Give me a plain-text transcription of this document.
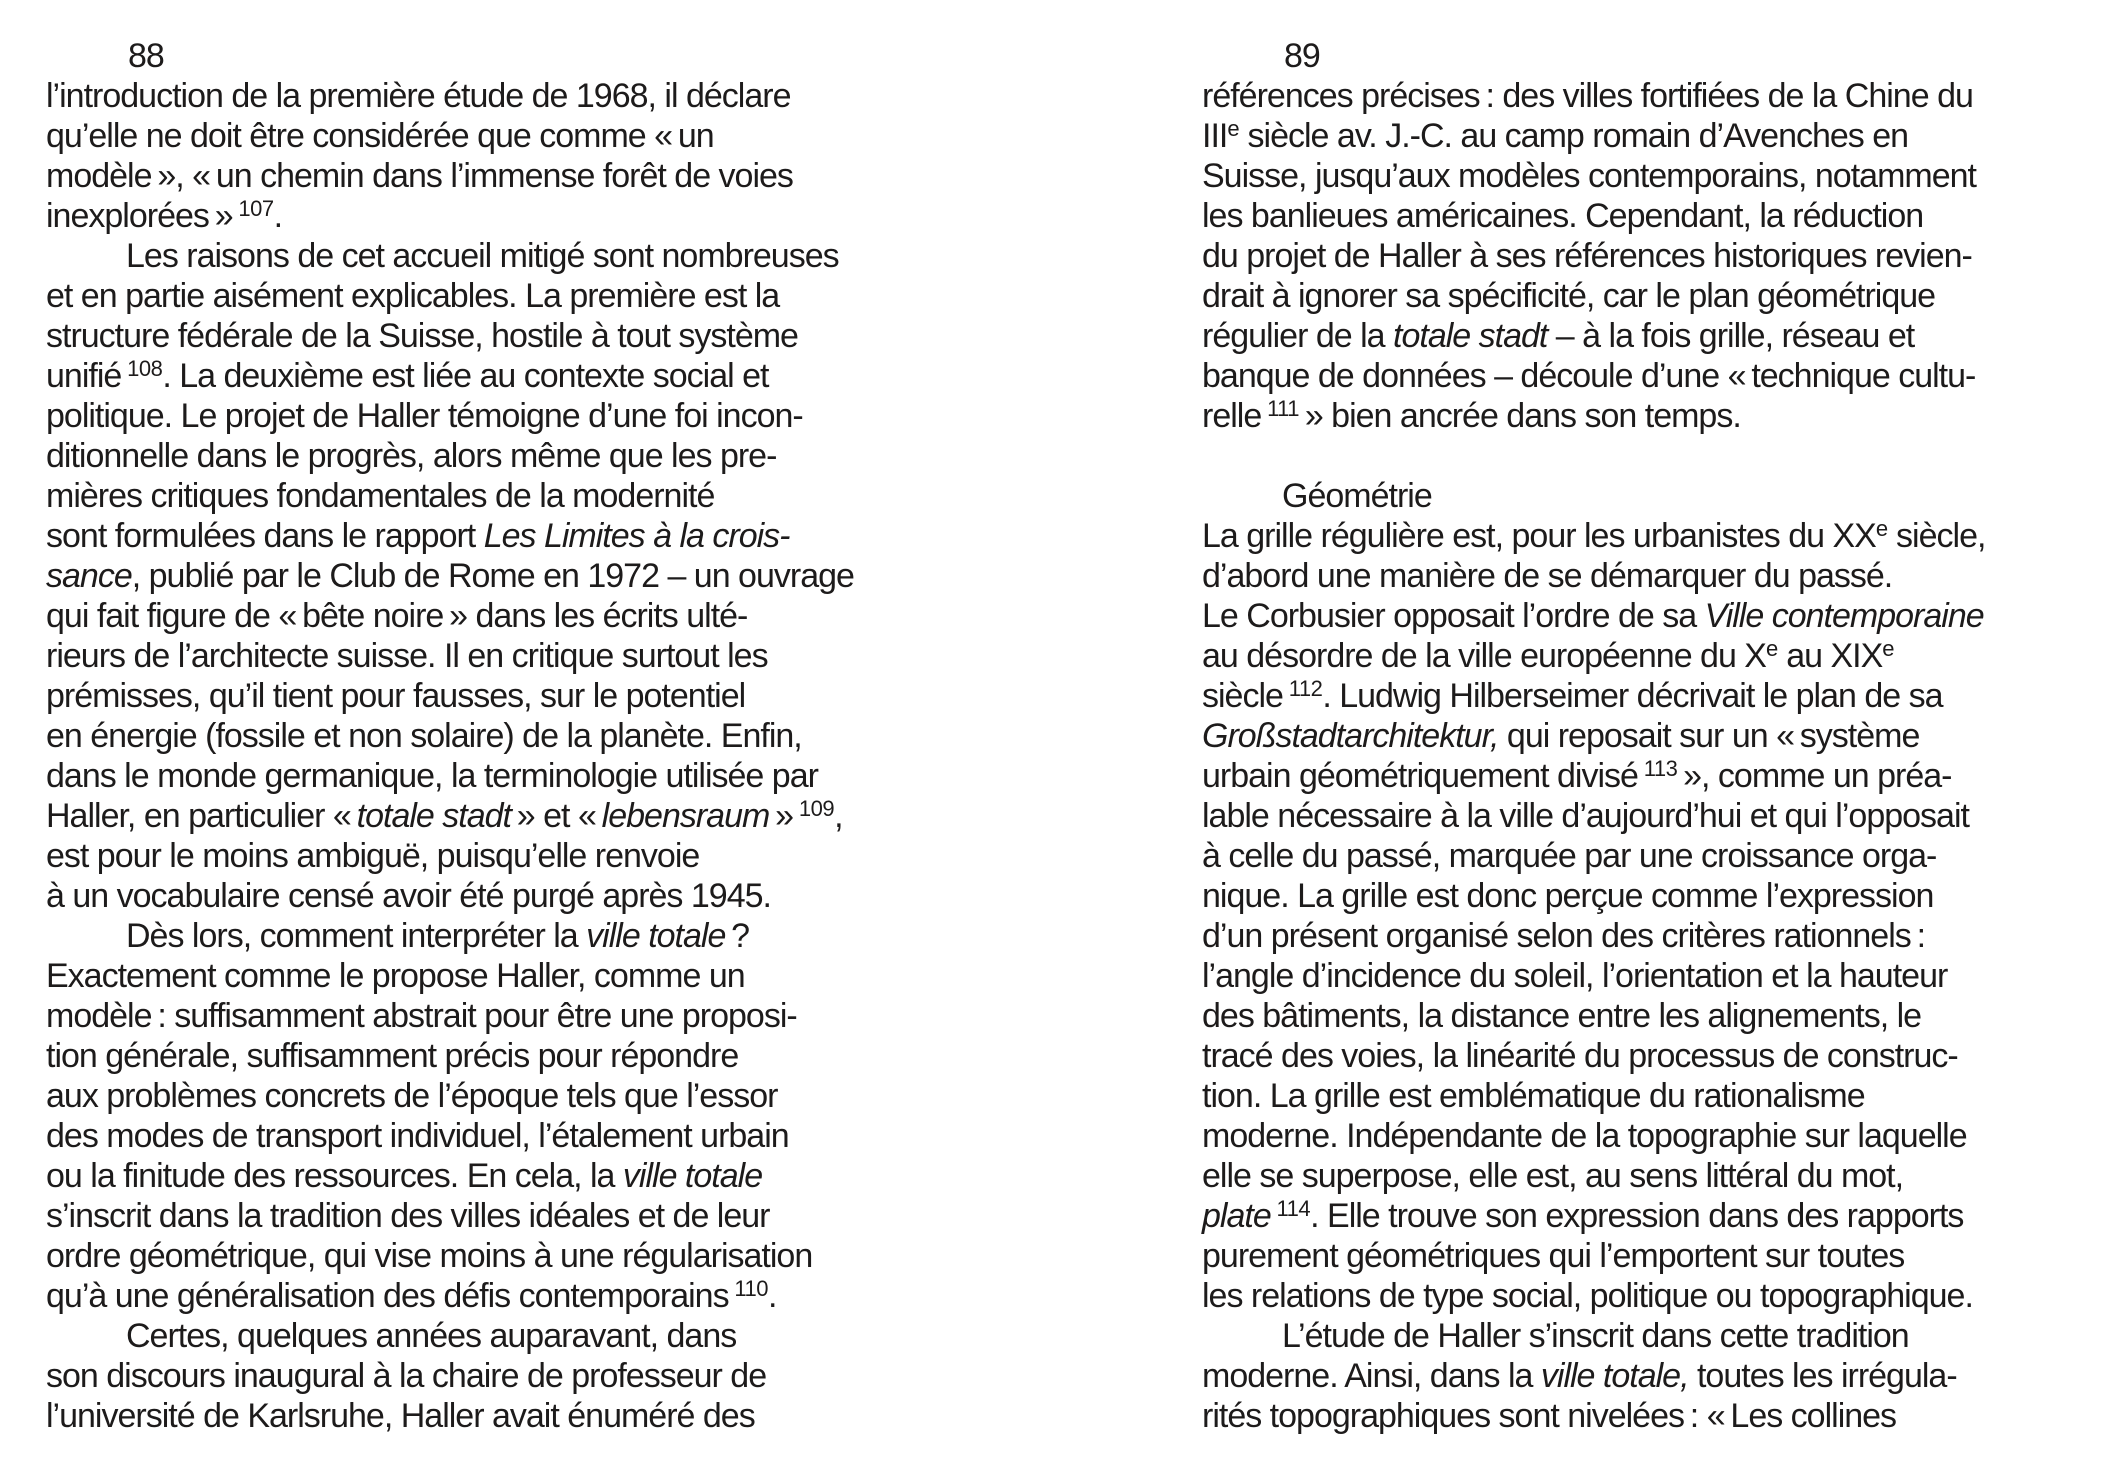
88
l’introduction de la première étude de 1968, il déclare
qu’elle ne doit être considérée que comme « un
modèle », « un chemin dans l’immense forêt de voies
inexplorées » $^{107}$.
Les raisons de cet accueil mitigé sont nombreuses
et en partie aisément explicables. La première est la
structure fédérale de la Suisse, hostile à tout système
unifié $^{108}$. La deuxième est liée au contexte social et
politique. Le projet de Haller témoigne d’une foi incon-
ditionnelle dans le progrès, alors même que les pre-
mières critiques fondamentales de la modernité
sont formulées dans le rapport Les Limites à la crois-
sance, publié par le Club de Rome en 1972 – un ouvrage
qui fait figure de « bête noire » dans les écrits ulté-
rieurs de l’architecte suisse. Il en critique surtout les
prémisses, qu’il tient pour fausses, sur le potentiel
en énergie (fossile et non solaire) de la planète. Enfin,
dans le monde germanique, la terminologie utilisée par
Haller, en particulier « totale stadt » et « lebensraum » $^{109}$,
est pour le moins ambiguë, puisqu’elle renvoie
à un vocabulaire censé avoir été purgé après 1945.
Dès lors, comment interpréter la ville totale ?
Exactement comme le propose Haller, comme un
modèle : suffisamment abstrait pour être une proposi-
tion générale, suffisamment précis pour répondre
aux problèmes concrets de l’époque tels que l’essor
des modes de transport individuel, l’étalement urbain
ou la finitude des ressources. En cela, la ville totale
s’inscrit dans la tradition des villes idéales et de leur
ordre géométrique, qui vise moins à une régularisation
qu’à une généralisation des défis contemporains $^{110}$.
Certes, quelques années auparavant, dans
son discours inaugural à la chaire de professeur de
l’université de Karlsruhe, Haller avait énuméré des
89
références précises : des villes fortifiées de la Chine du
IIIe siècle av. J.-C. au camp romain d’Avenches en
Suisse, jusqu’aux modèles contemporains, notamment
les banlieues américaines. Cependant, la réduction
du projet de Haller à ses références historiques revien-
drait à ignorer sa spécificité, car le plan géométrique
régulier de la totale stadt – à la fois grille, réseau et
banque de données – découle d’une « technique cultu-
relle $^{111}$ » bien ancrée dans son temps.
Géométrie
La grille régulière est, pour les urbanistes du XXe siècle,
d’abord une manière de se démarquer du passé.
Le Corbusier opposait l’ordre de sa Ville contemporaine
au désordre de la ville européenne du Xe au XIXe
siècle $^{112}$. Ludwig Hilberseimer décrivait le plan de sa
Großstadtarchitektur, qui reposait sur un « système
urbain géométriquement divisé $^{113}$ », comme un préa-
lable nécessaire à la ville d’aujourd’hui et qui l’opposait
à celle du passé, marquée par une croissance orga-
nique. La grille est donc perçue comme l’expression
d’un présent organisé selon des critères rationnels :
l’angle d’incidence du soleil, l’orientation et la hauteur
des bâtiments, la distance entre les alignements, le
tracé des voies, la linéarité du processus de construc-
tion. La grille est emblématique du rationalisme
moderne. Indépendante de la topographie sur laquelle
elle se superpose, elle est, au sens littéral du mot,
plate  $^{114}$. Elle trouve son expression dans des rapports
purement géométriques qui l’emportent sur toutes
les relations de type social, politique ou topographique.
L’étude de Haller s’inscrit dans cette tradition
moderne. Ainsi, dans la ville totale, toutes les irrégula-
rités topographiques sont nivelées : « Les collines
